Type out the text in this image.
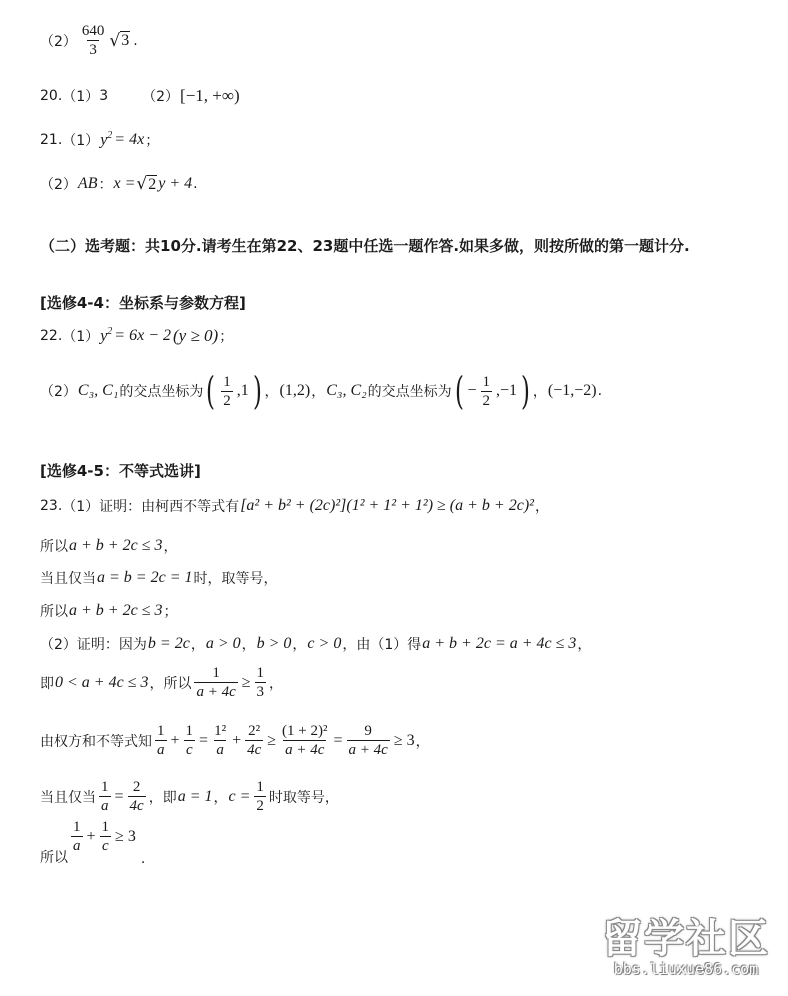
$(2) \frac{640}{3}$ √ 3 .
20. （1） 3 （2） [−1, +∞)
21. （1） $y^2 = 4x$ ；
（2） AB ： x = √ 2 y + 4 .
（二）选考题：共10分.请考生在第22、23题中任选一题作答.如果多做，则按所做的第一题计分.
[选修4-4：坐标系与参数方程]
22. （1） $y^2 = 6x - 2$ (y ≥ 0) ；
（2） C₃, C₁ 的交点坐标为 ( $\frac{1}{2} ,1$ ) ， (1,2) ， C₃, C₂ 的交点坐标为 ( − $\frac{1}{2} ,-1$ ) ， (−1,−2) .
[选修4-5：不等式选讲]
23. （1）证明：由柯西不等式有 [a² + b² + (2c)²](1² + 1² + 1²) ≥ (a + b + 2c)² ，
所以 a + b + 2c ≤ 3 ，
当且仅当 a = b = 2c = 1 时，取等号，
所以 a + b + 2c ≤ 3 ；
（2）证明：因为 b = 2c ， a > 0 ， b > 0 ， c > 0 ，由（1）得 a + b + 2c = a + 4c ≤ 3 ，
即 0 < a + 4c ≤ 3 ，所以 $\frac{1}{a + 4c} \ge \frac{1}{3}$ ，
由权方和不等式知 $\frac{1}{a} + \frac{1}{c} = \frac{\text{1²}}{a} + \frac{\text{2²}}{4c} \ge \frac{\text{(1 + 2)²}}{a + 4c} = \frac{9}{a + 4c} \ge 3$ ，
当且仅当 $\frac{1}{a} = \frac{2}{4c}$ ，即 a = 1 ， $c = \frac{1}{2}$ 时取等号，
所以
$\frac{1}{a} + \frac{1}{c} \ge 3$
.
留学社区
bbs.liuxue86.com
